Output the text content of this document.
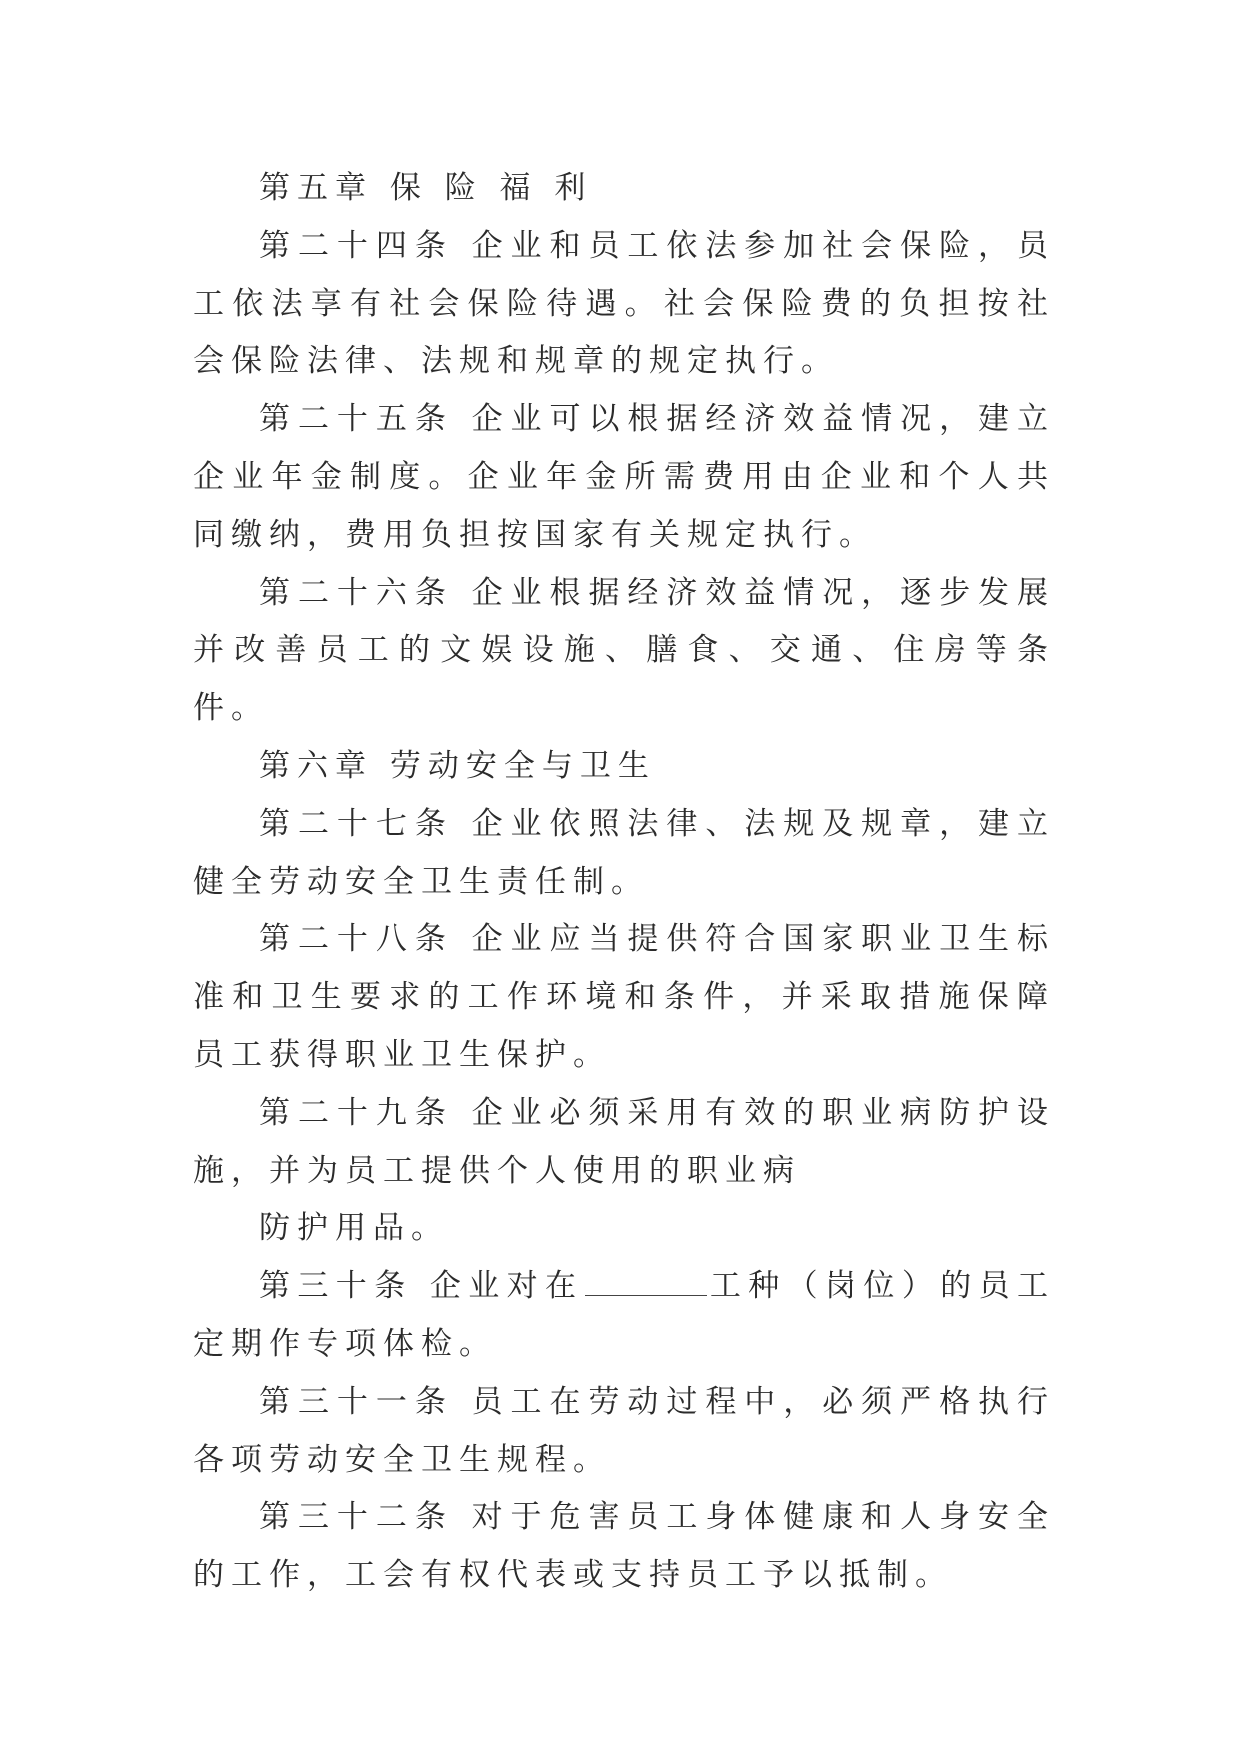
第五章 保 险 福 利

第二十四条 企业和员工依法参加社会保险，员工依法享有社会保险待遇。社会保险费的负担按社会保险法律、法规和规章的规定执行。

第二十五条 企业可以根据经济效益情况，建立企业年金制度。企业年金所需费用由企业和个人共同缴纳，费用负担按国家有关规定执行。

第二十六条 企业根据经济效益情况，逐步发展并改善员工的文娱设施、膳食、交通、住房等条件。

第六章 劳动安全与卫生

第二十七条 企业依照法律、法规及规章，建立健全劳动安全卫生责任制。

第二十八条 企业应当提供符合国家职业卫生标准和卫生要求的工作环境和条件，并采取措施保障员工获得职业卫生保护。

第二十九条 企业必须采用有效的职业病防护设施，并为员工提供个人使用的职业病

防护用品。

第三十条 企业对在	工种（岗位）的员工定期作专项体检。

第三十一条 员工在劳动过程中，必须严格执行各项劳动安全卫生规程。

第三十二条 对于危害员工身体健康和人身安全的工作，工会有权代表或支持员工予以抵制。
